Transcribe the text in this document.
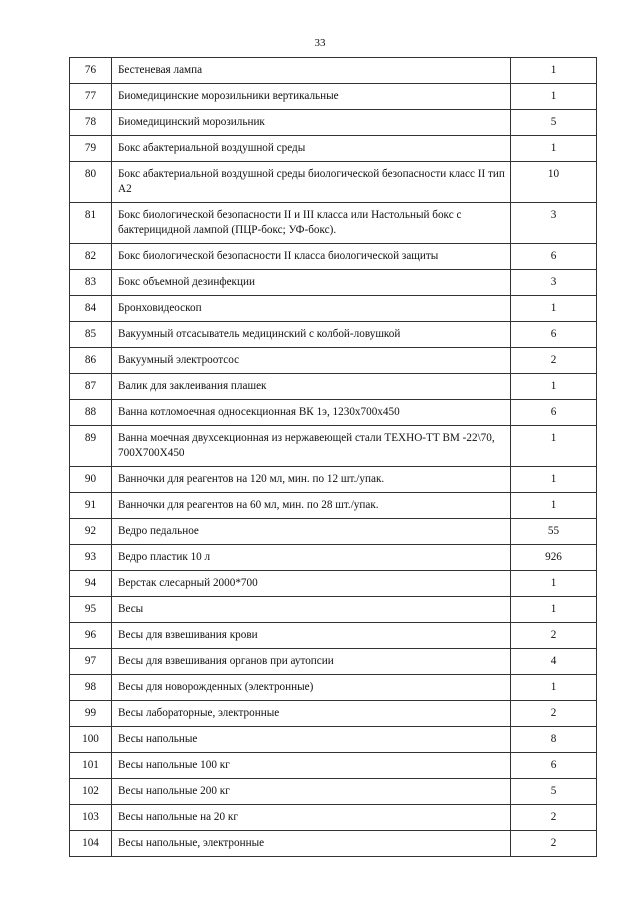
33
76	Бестеневая лампа	1
77	Биомедицинские морозильники вертикальные	1
78	Биомедицинский морозильник	5
79	Бокс абактериальной воздушной среды	1
80	Бокс абактериальной воздушной среды биологической безопасности класс II тип А2	10
81	Бокс биологической безопасности II и III класса или Настольный бокс с бактерицидной лампой (ПЦР-бокс; УФ-бокс).	3
82	Бокс биологической безопасности II класса биологической защиты	6
83	Бокс объемной дезинфекции	3
84	Бронховидеоскоп	1
85	Вакуумный отсасыватель медицинский с колбой-ловушкой	6
86	Вакуумный электроотсос	2
87	Валик для заклеивания плашек	1
88	Ванна котломоечная односекционная ВК 1э, 1230х700х450	6
89	Ванна моечная двухсекционная из нержавеющей стали ТЕХНО-ТТ ВМ -22\70, 700Х700Х450	1
90	Ванночки для реагентов на 120 мл, мин. по 12 шт./упак.	1
91	Ванночки для реагентов на 60 мл, мин. по 28 шт./упак.	1
92	Ведро педальное	55
93	Ведро пластик 10 л	926
94	Верстак слесарный 2000*700	1
95	Весы	1
96	Весы для взвешивания крови	2
97	Весы для взвешивания органов при аутопсии	4
98	Весы для новорожденных (электронные)	1
99	Весы лабораторные, электронные	2
100	Весы напольные	8
101	Весы напольные 100 кг	6
102	Весы напольные 200 кг	5
103	Весы напольные на 20 кг	2
104	Весы напольные, электронные	2
